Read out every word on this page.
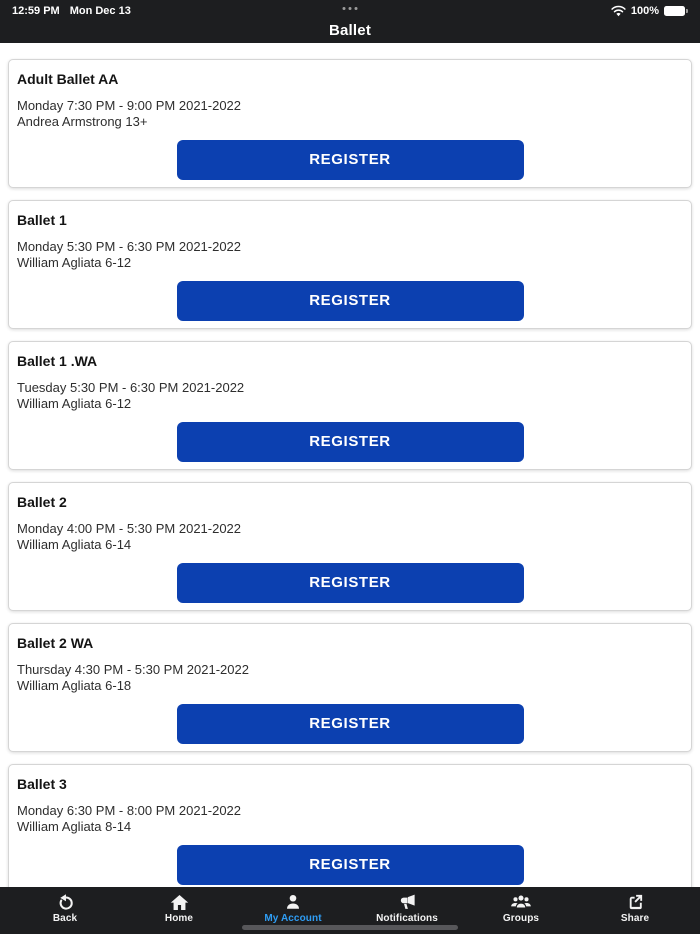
12:59 PM Mon Dec 13	100%
Ballet
Adult Ballet AA
Monday 7:30 PM - 9:00 PM 2021-2022
Andrea Armstrong 13+
REGISTER
Ballet 1
Monday 5:30 PM - 6:30 PM 2021-2022
William Agliata 6-12
REGISTER
Ballet 1 .WA
Tuesday 5:30 PM - 6:30 PM 2021-2022
William Agliata 6-12
REGISTER
Ballet 2
Monday 4:00 PM - 5:30 PM 2021-2022
William Agliata 6-14
REGISTER
Ballet 2 WA
Thursday 4:30 PM - 5:30 PM 2021-2022
William Agliata 6-18
REGISTER
Ballet 3
Monday 6:30 PM - 8:00 PM 2021-2022
William Agliata 8-14
REGISTER
Back	Home	My Account	Notifications	Groups	Share
